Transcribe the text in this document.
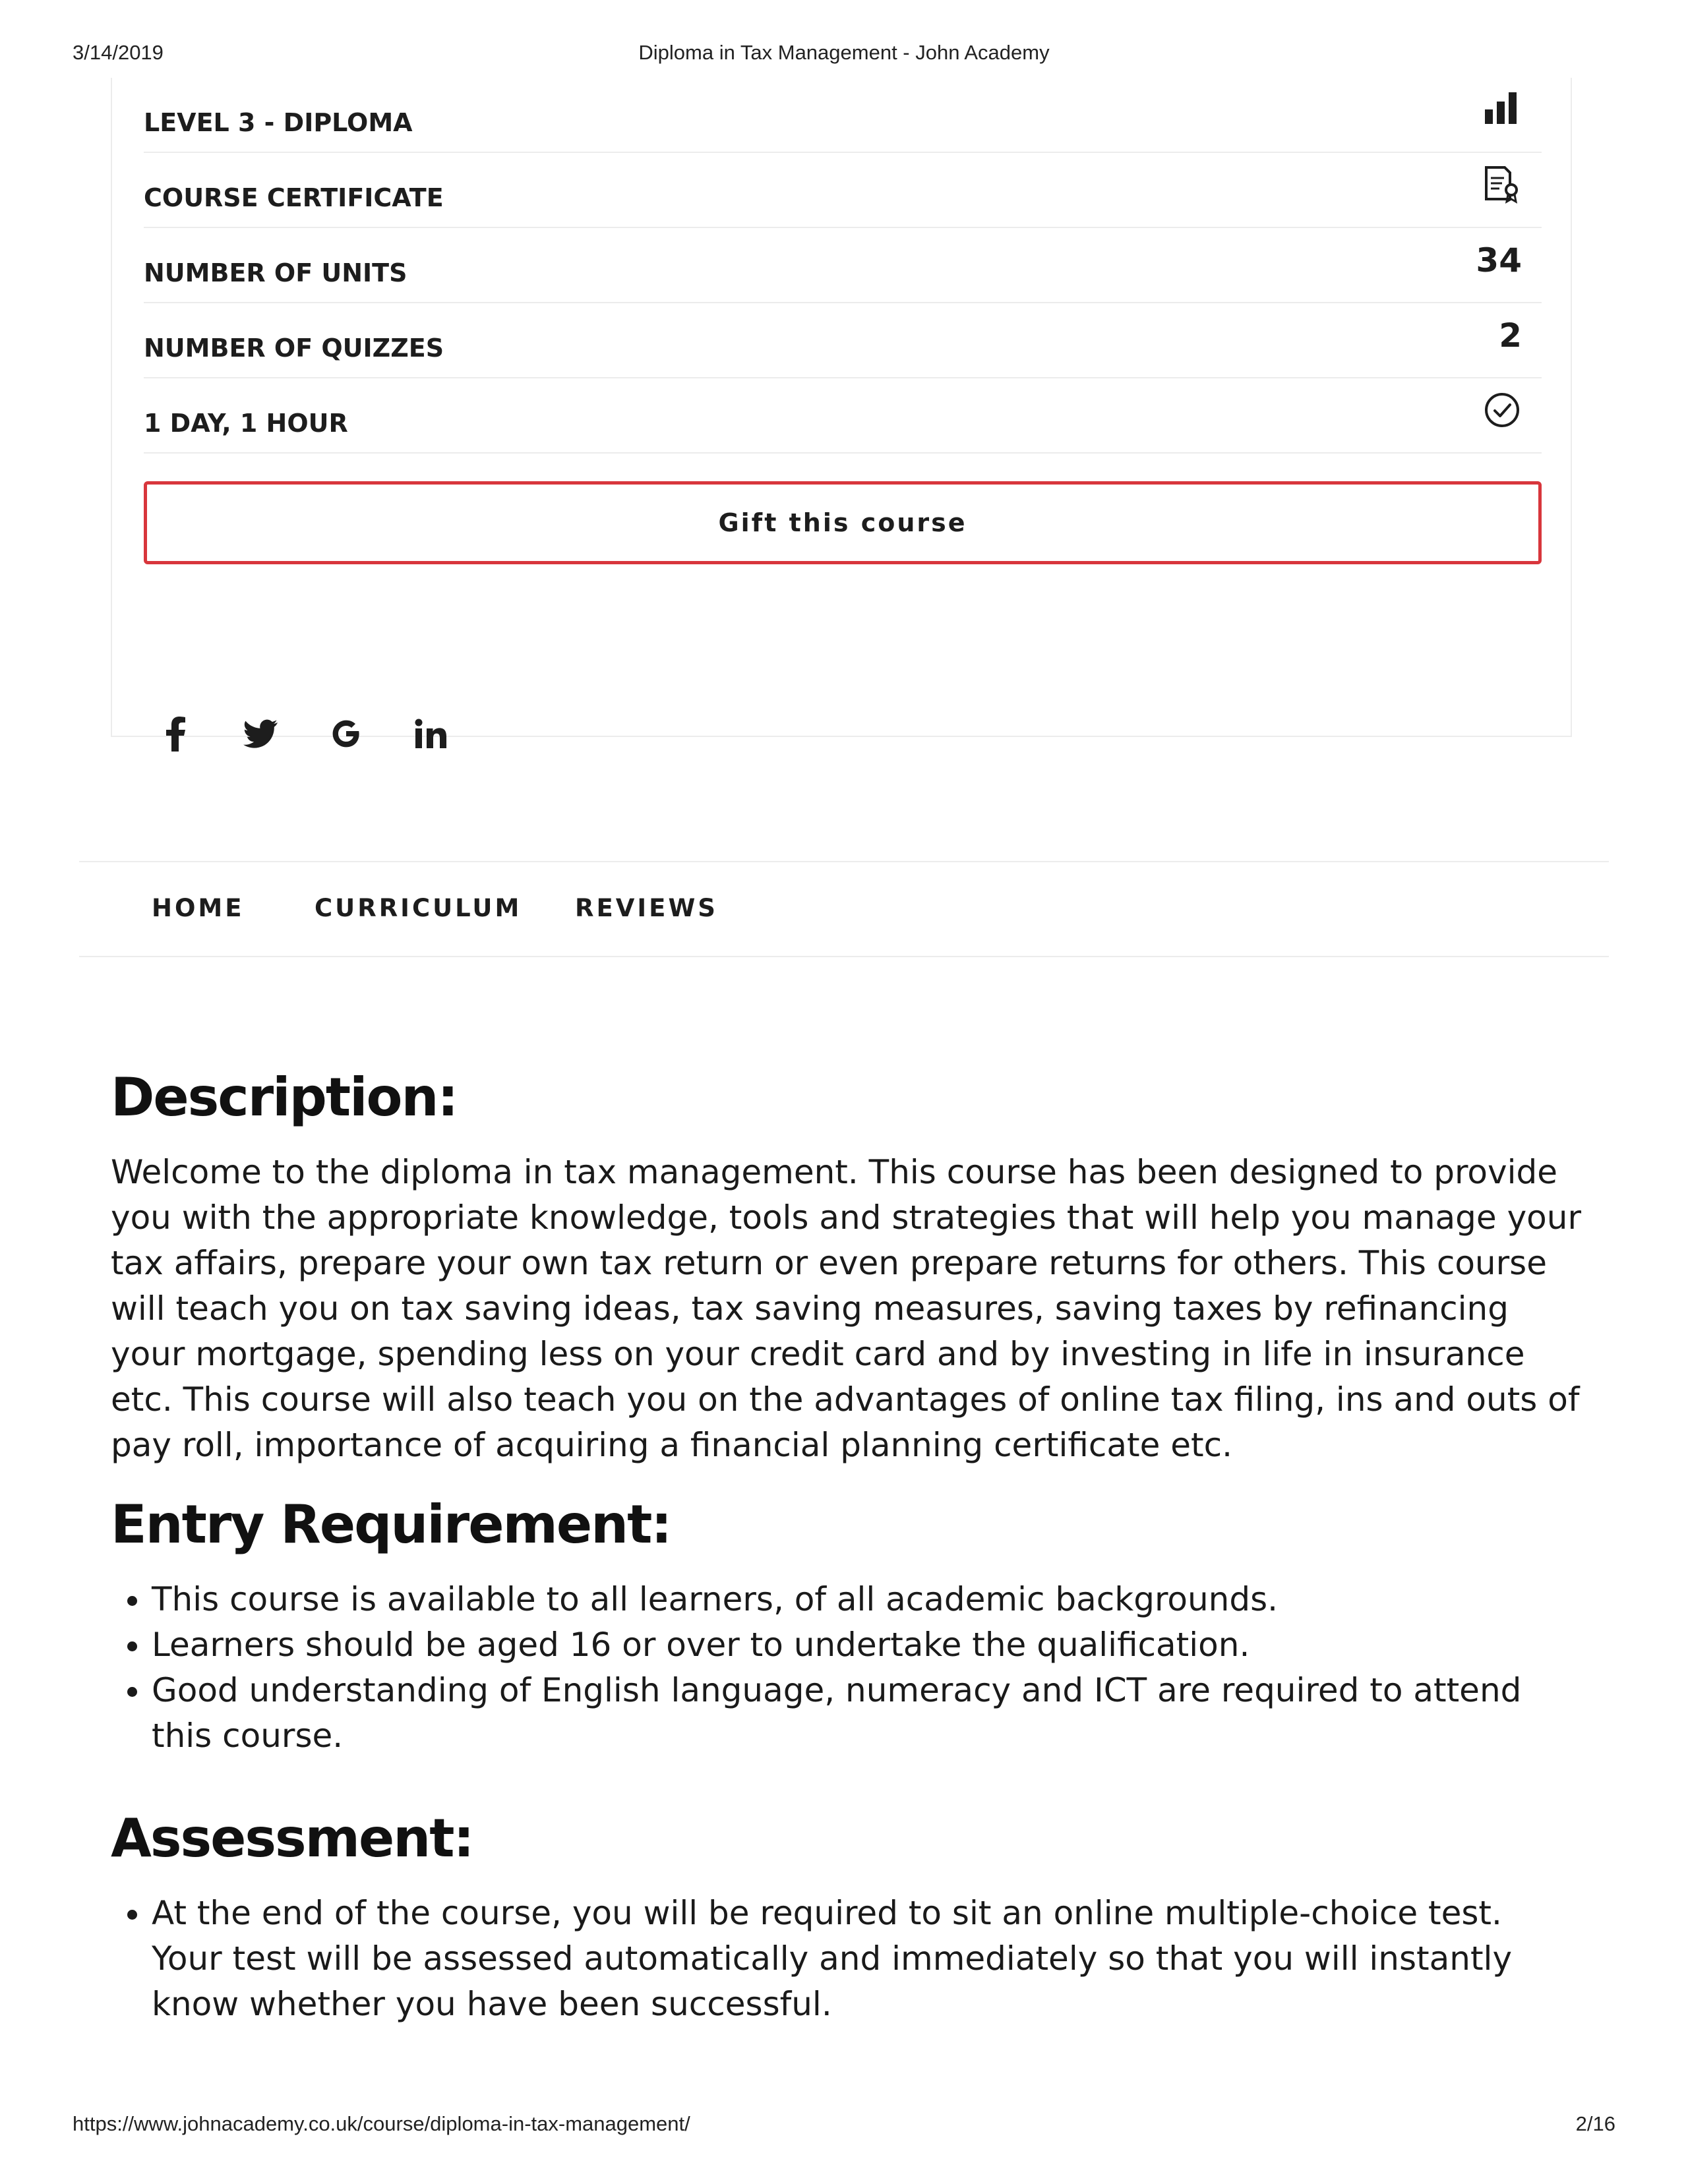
3/14/2019	Diploma in Tax Management - John Academy
LEVEL 3 - DIPLOMA
COURSE CERTIFICATE
NUMBER OF UNITS	34
NUMBER OF QUIZZES	2
1 DAY, 1 HOUR
Gift this course
HOME	CURRICULUM REVIEWS
Description:

Welcome to the diploma in tax management. This course has been designed to provide you with the appropriate knowledge, tools and strategies that will help you manage your tax affairs, prepare your own tax return or even prepare returns for others. This course will teach you on tax saving ideas, tax saving measures, saving taxes by refinancing your mortgage, spending less on your credit card and by investing in life in insurance etc. This course will also teach you on the advantages of online tax filing, ins and outs of pay roll, importance of acquiring a financial planning certificate etc.

Entry Requirement:
• This course is available to all learners, of all academic backgrounds.
• Learners should be aged 16 or over to undertake the qualification.
• Good understanding of English language, numeracy and ICT are required to attend this course.
Assessment:
• At the end of the course, you will be required to sit an online multiple-choice test. Your test will be assessed automatically and immediately so that you will instantly know whether you have been successful.
https://www.johnacademy.co.uk/course/diploma-in-tax-management/	2/16
